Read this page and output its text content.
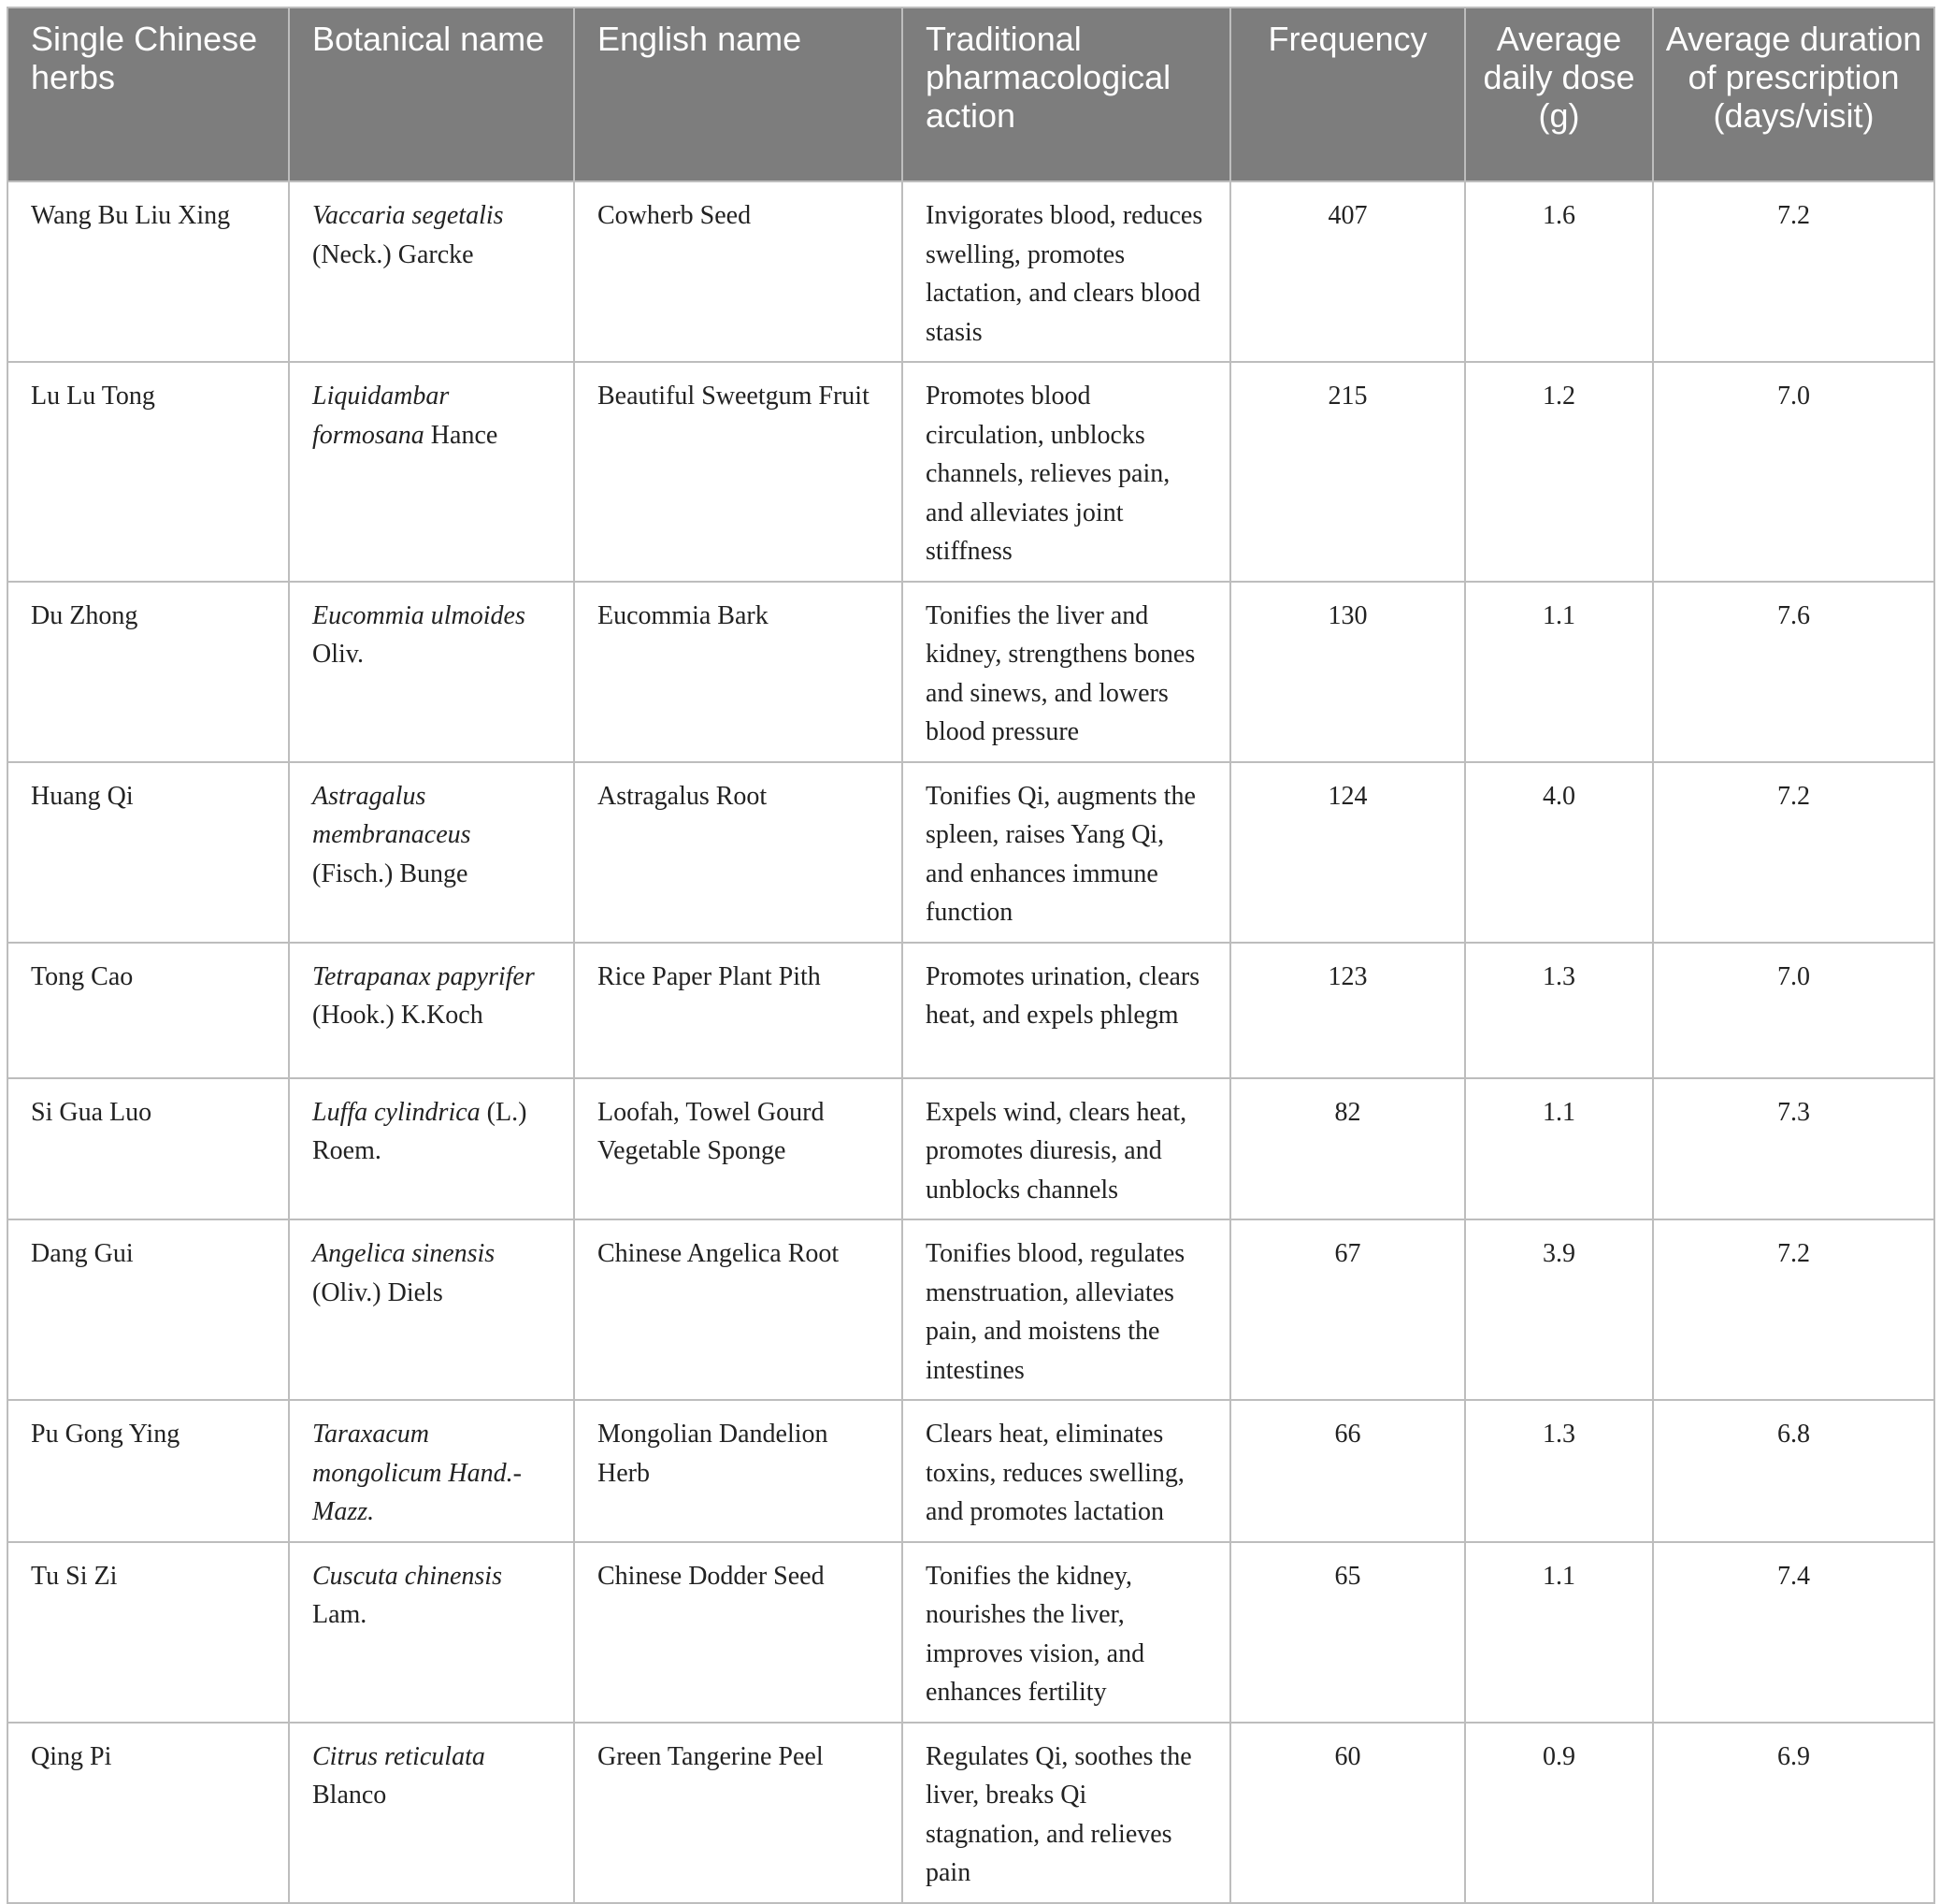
Single Chinese herbs	Botanical name	English name	Traditional pharmacological action	Frequency	Average daily dose (g)	Average duration of prescription (days/visit)
Wang Bu Liu Xing	Vaccaria segetalis (Neck.) Garcke	Cowherb Seed	Invigorates blood, reduces swelling, promotes lactation, and clears blood stasis	407	1.6	7.2
Lu Lu Tong	Liquidambar formosana Hance	Beautiful Sweetgum Fruit	Promotes blood circulation, unblocks channels, relieves pain, and alleviates joint stiffness	215	1.2	7.0
Du Zhong	Eucommia ulmoides Oliv.	Eucommia Bark	Tonifies the liver and kidney, strengthens bones and sinews, and lowers blood pressure	130	1.1	7.6
Huang Qi	Astragalus membranaceus (Fisch.) Bunge	Astragalus Root	Tonifies Qi, augments the spleen, raises Yang Qi, and enhances immune function	124	4.0	7.2
Tong Cao	Tetrapanax papyrifer (Hook.) K.Koch	Rice Paper Plant Pith	Promotes urination, clears heat, and expels phlegm	123	1.3	7.0
Si Gua Luo	Luffa cylindrica (L.) Roem.	Loofah, Towel Gourd Vegetable Sponge	Expels wind, clears heat, promotes diuresis, and unblocks channels	82	1.1	7.3
Dang Gui	Angelica sinensis (Oliv.) Diels	Chinese Angelica Root	Tonifies blood, regulates menstruation, alleviates pain, and moistens the intestines	67	3.9	7.2
Pu Gong Ying	Taraxacum mongolicum Hand.-Mazz.	Mongolian Dandelion Herb	Clears heat, eliminates toxins, reduces swelling, and promotes lactation	66	1.3	6.8
Tu Si Zi	Cuscuta chinensis Lam.	Chinese Dodder Seed	Tonifies the kidney, nourishes the liver, improves vision, and enhances fertility	65	1.1	7.4
Qing Pi	Citrus reticulata Blanco	Green Tangerine Peel	Regulates Qi, soothes the liver, breaks Qi stagnation, and relieves pain	60	0.9	6.9
